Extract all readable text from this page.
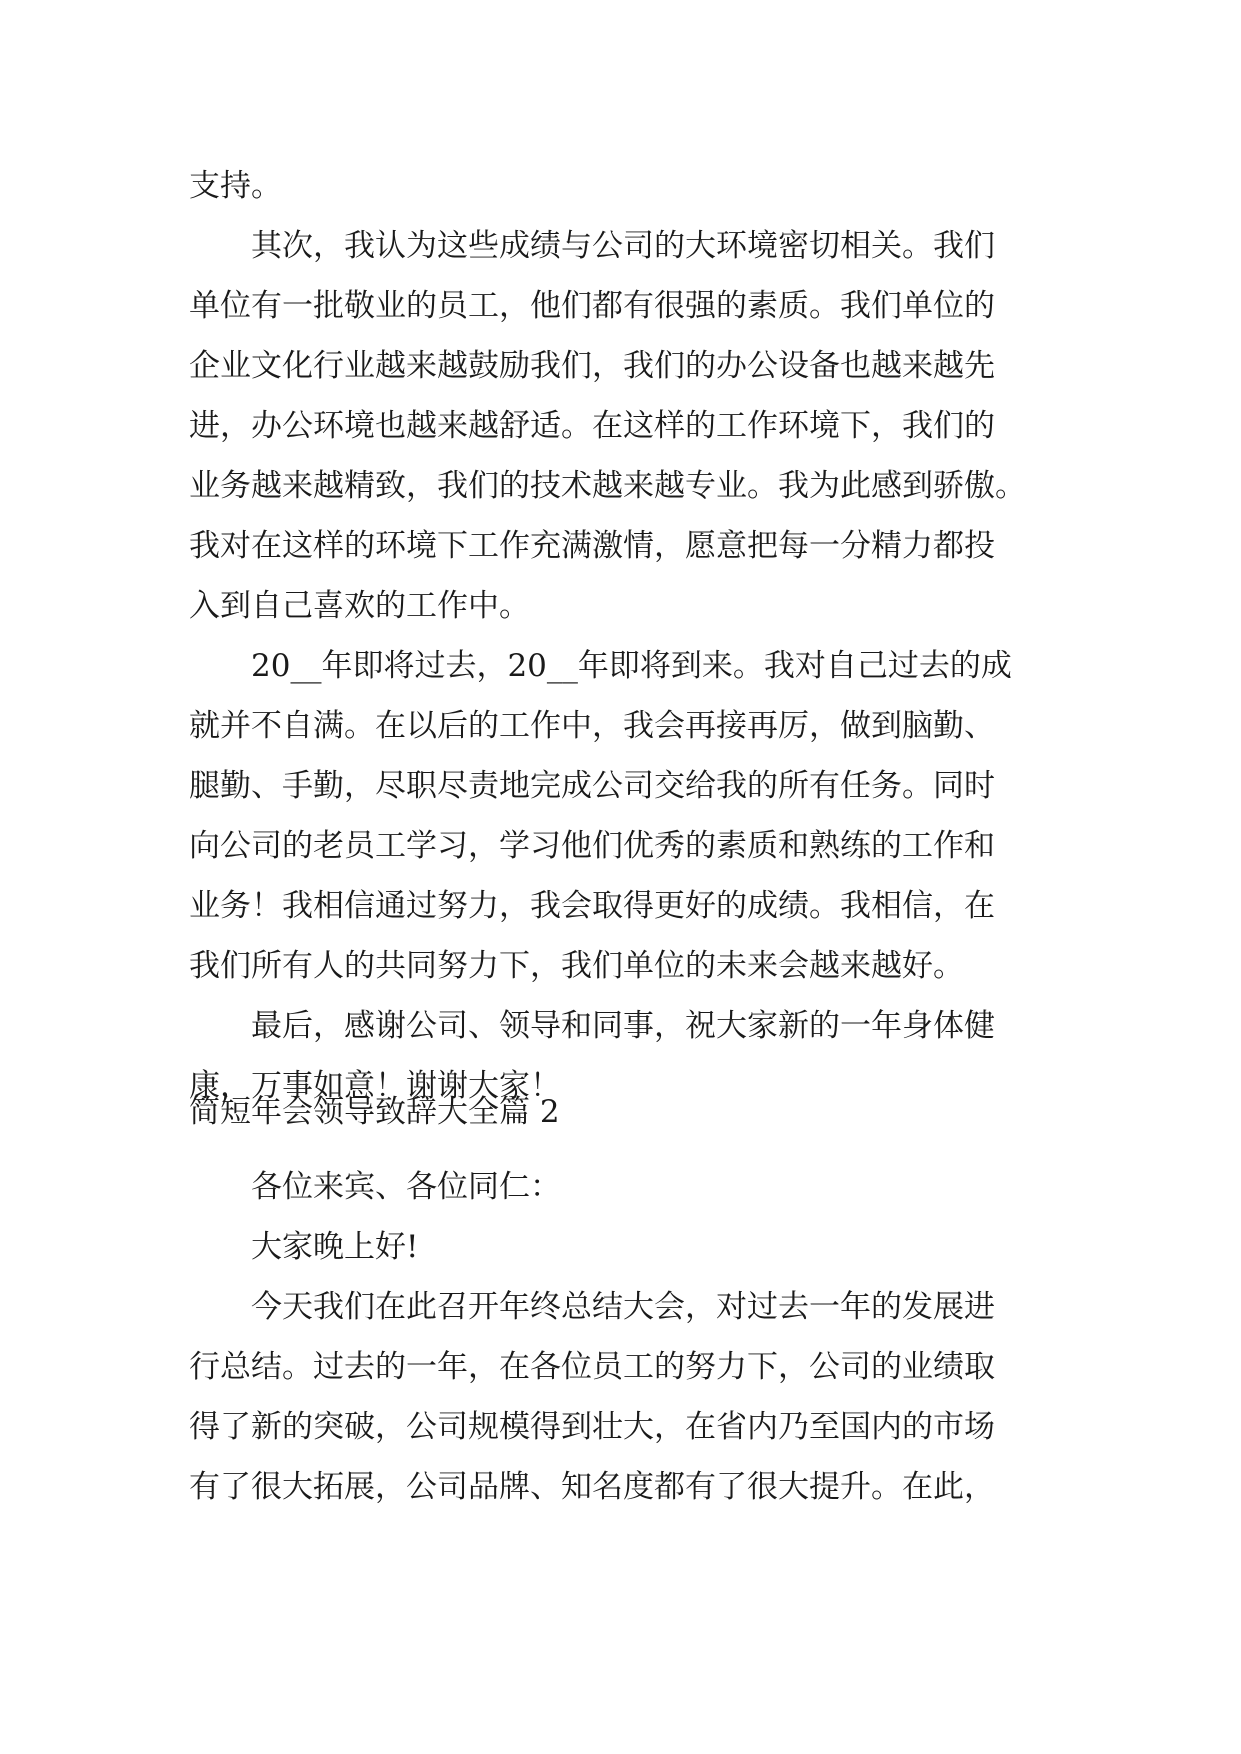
支持。
其次，我认为这些成绩与公司的大环境密切相关。我们
单位有一批敬业的员工，他们都有很强的素质。我们单位的
企业文化行业越来越鼓励我们，我们的办公设备也越来越先
进，办公环境也越来越舒适。在这样的工作环境下，我们的
业务越来越精致，我们的技术越来越专业。我为此感到骄傲。
我对在这样的环境下工作充满激情，愿意把每一分精力都投
入到自己喜欢的工作中。
20__年即将过去，20__年即将到来。我对自己过去的成
就并不自满。在以后的工作中，我会再接再厉，做到脑勤、
腿勤、手勤，尽职尽责地完成公司交给我的所有任务。同时
向公司的老员工学习，学习他们优秀的素质和熟练的工作和
业务！我相信通过努力，我会取得更好的成绩。我相信，在
我们所有人的共同努力下，我们单位的未来会越来越好。
最后，感谢公司、领导和同事，祝大家新的一年身体健
康，万事如意！谢谢大家！
简短年会领导致辞大全篇 2
各位来宾、各位同仁：
大家晚上好!
今天我们在此召开年终总结大会，对过去一年的发展进
行总结。过去的一年，在各位员工的努力下，公司的业绩取
得了新的突破，公司规模得到壮大，在省内乃至国内的市场
有了很大拓展，公司品牌、知名度都有了很大提升。在此，
